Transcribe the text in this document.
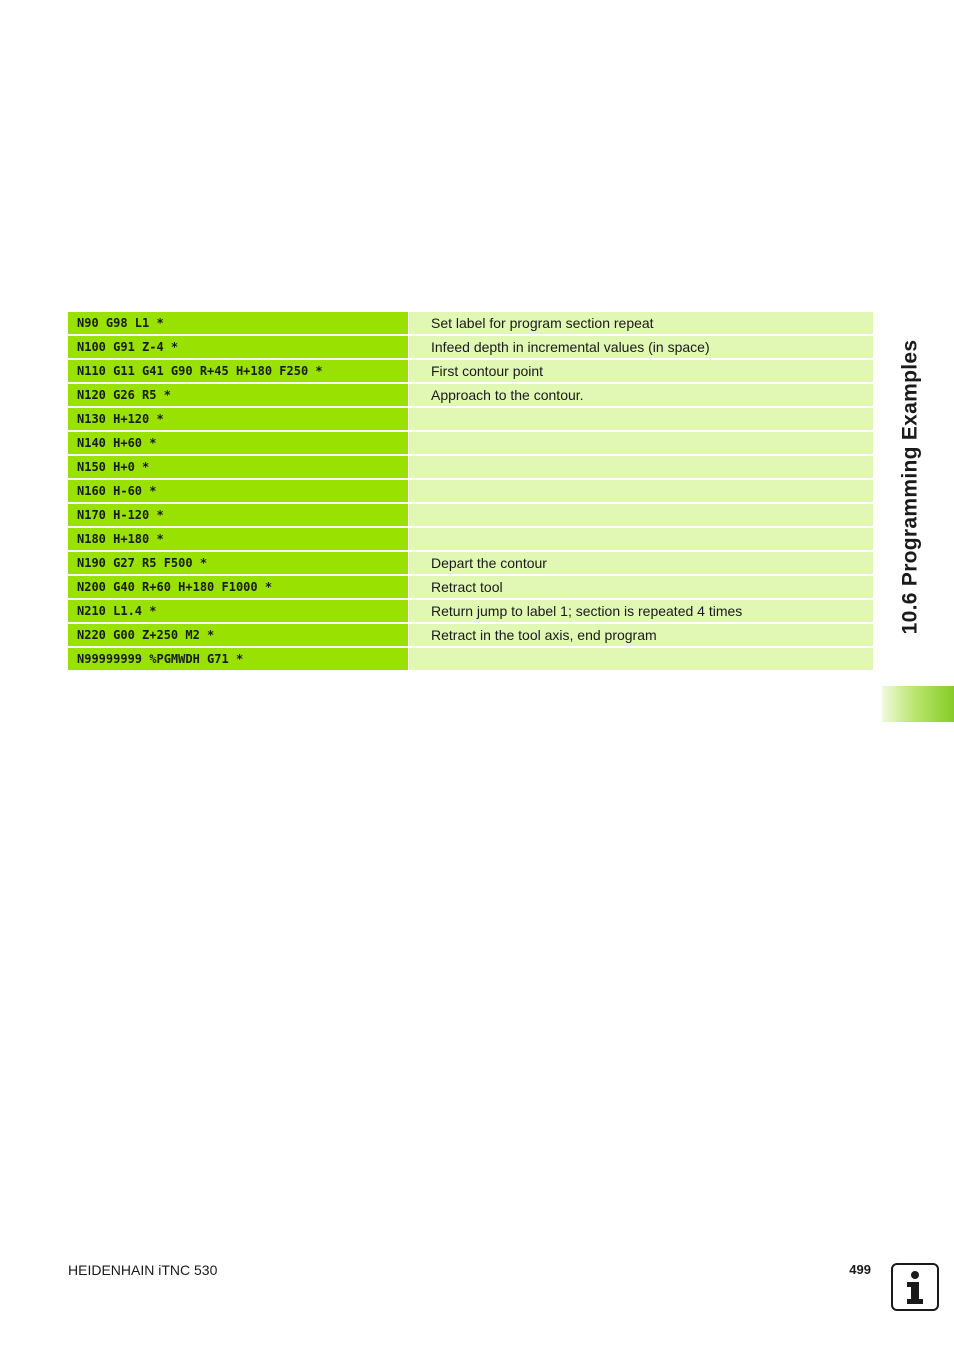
N90 G98 L1 *	Set label for program section repeat
N100 G91 Z-4 *	Infeed depth in incremental values (in space)
N110 G11 G41 G90 R+45 H+180 F250 *	First contour point
N120 G26 R5 *	Approach to the contour.
N130 H+120 *
N140 H+60 *
N150 H+0 *
N160 H-60 *
N170 H-120 *
N180 H+180 *
N190 G27 R5 F500 *	Depart the contour
N200 G40 R+60 H+180 F1000 *	Retract tool
N210 L1.4 *	Return jump to label 1; section is repeated 4 times
N220 G00 Z+250 M2 *	Retract in the tool axis, end program
N99999999 %PGMWDH G71 *
10.6 Programming Examples
HEIDENHAIN iTNC 530	499
